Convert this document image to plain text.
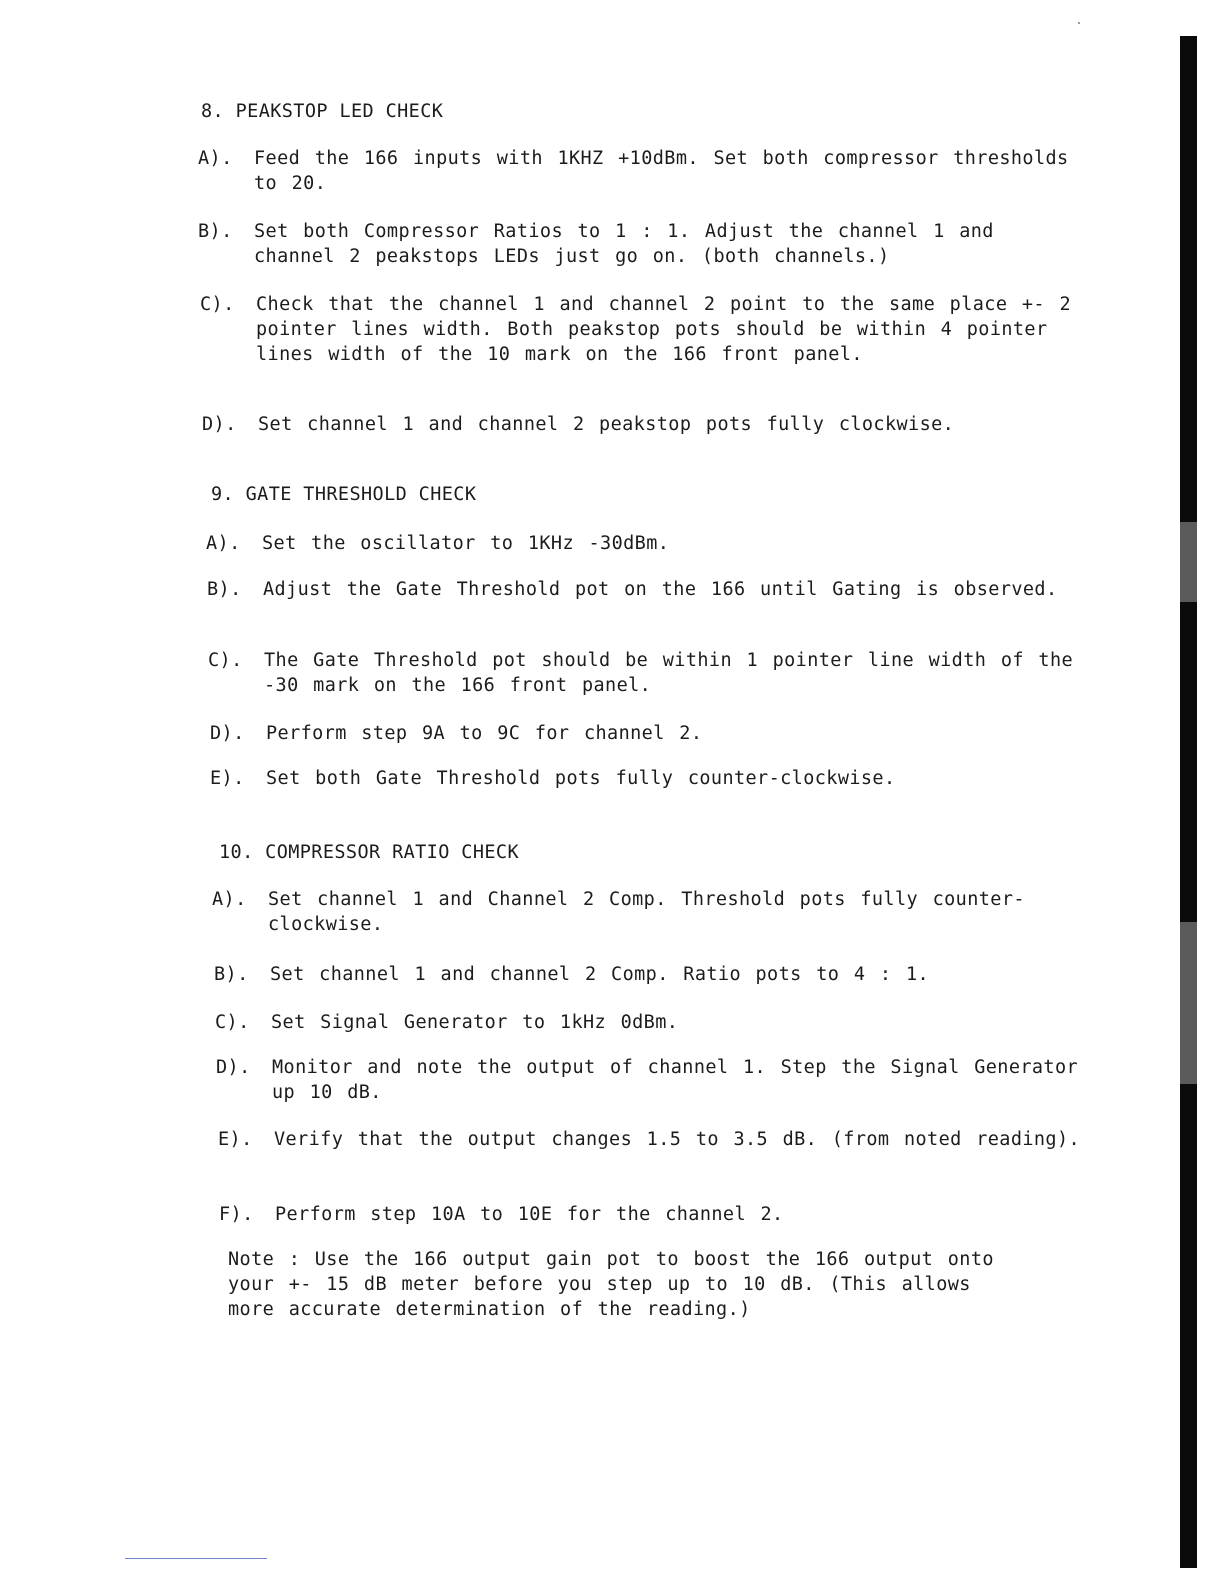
8. PEAKSTOP LED CHECK
A). Feed the 166 inputs with 1KHZ +10dBm. Set both compressor thresholds to 20.
B). Set both Compressor Ratios to 1 : 1. Adjust the channel 1 and channel 2 peakstops LEDs just go on. (both channels.)
C). Check that the channel 1 and channel 2 point to the same place +- 2 pointer lines width. Both peakstop pots should be within 4 pointer lines width of the 10 mark on the 166 front panel.
D). Set channel 1 and channel 2 peakstop pots fully clockwise.
9. GATE THRESHOLD CHECK
A). Set the oscillator to 1KHz -30dBm.
B). Adjust the Gate Threshold pot on the 166 until Gating is observed.
C). The Gate Threshold pot should be within 1 pointer line width of the -30 mark on the 166 front panel.
D). Perform step 9A to 9C for channel 2.
E). Set both Gate Threshold pots fully counter-clockwise.
10. COMPRESSOR RATIO CHECK
A). Set channel 1 and Channel 2 Comp. Threshold pots fully counter-clockwise.
B). Set channel 1 and channel 2 Comp. Ratio pots to 4 : 1.
C). Set Signal Generator to 1kHz 0dBm.
D). Monitor and note the output of channel 1. Step the Signal Generator up 10 dB.
E). Verify that the output changes 1.5 to 3.5 dB. (from noted reading).
F). Perform step 10A to 10E for the channel 2.
Note : Use the 166 output gain pot to boost the 166 output onto your +- 15 dB meter before you step up to 10 dB. (This allows more accurate determination of the reading.)
